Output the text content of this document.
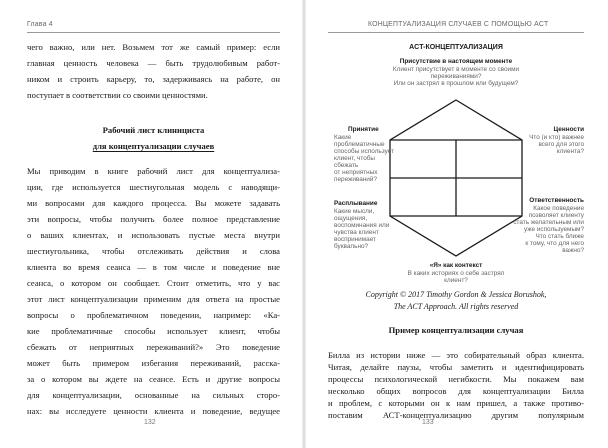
Глава 4
чего важно, или нет. Возьмем тот же самый пример: если
главная ценность человека — быть трудолюбивым работ-
ником и строить карьеру, то, задерживаясь на работе, он
поступает в соответствии со своими ценностями.
Рабочий лист клинициста
для концептуализации случаев
Мы приводим в книге рабочий лист для концептуализа-
ции, где используется шестиугольная модель с наводящи-
ми вопросами для каждого процесса. Вы можете задавать
эти вопросы, чтобы получить более полное представление
о ваших клиентах, и использовать пустые места внутри
шестиугольника, чтобы отслеживать действия и слова
клиента во время сеанса — в том числе и поведение вне
сеанса, о котором он сообщает. Стоит отметить, что у вас
этот лист концептуализации применим для ответа на простые
вопросы о проблематичном поведении, например: «Ка-
кие проблематичные способы использует клиент, чтобы
сбежать от неприятных переживаний?» Это поведение
может быть примером избегания переживаний, расска-
за о котором вы ждете на сеансе. Есть и другие вопросы
для концептуализации, основанные на сильных сторо-
нах: вы исследуете ценности клиента и поведение, ведущее
132
КОНЦЕПТУАЛИЗАЦИЯ СЛУЧАЕВ С ПОМОЩЬЮ ACT
ACT-КОНЦЕПТУАЛИЗАЦИЯ
Присутствие в настоящем моменте
Клиент присутствует в моменте со своими
переживаниями?
Или он застрял в прошлом или будущем?
Принятие
Какие
проблематичные
способы использует
клиент, чтобы
сбежать
от неприятных
переживаний?
Ценности
Что (и кто) важнее
всего для этого
клиента?
Расплывание
Какие мысли,
ощущения,
воспоминания или
чувства клиент
воспринимает
буквально?
Ответственность
Какое поведение
позволяет клиенту
стать желательным или
уже используемым?
Что стать ближе
к тому, что для него
важно?
«Я» как контекст
В каких историях о себе застрял
клиент?
Copyright © 2017 Timothy Gordon & Jessica Borushok,
The ACT Approach. All rights reserved
Пример концептуализации случая
Билла из истории ниже — это собирательный образ клиента.
Читая, делайте паузы, чтобы заметить и идентифицировать
процессы психологической негибкости. Мы покажем вам
несколько общих вопросов для концептуализации Билла
и проблем, с которыми он к нам пришел, а также противо-
поставим АСТ-концептуализацию другим популярным
133
